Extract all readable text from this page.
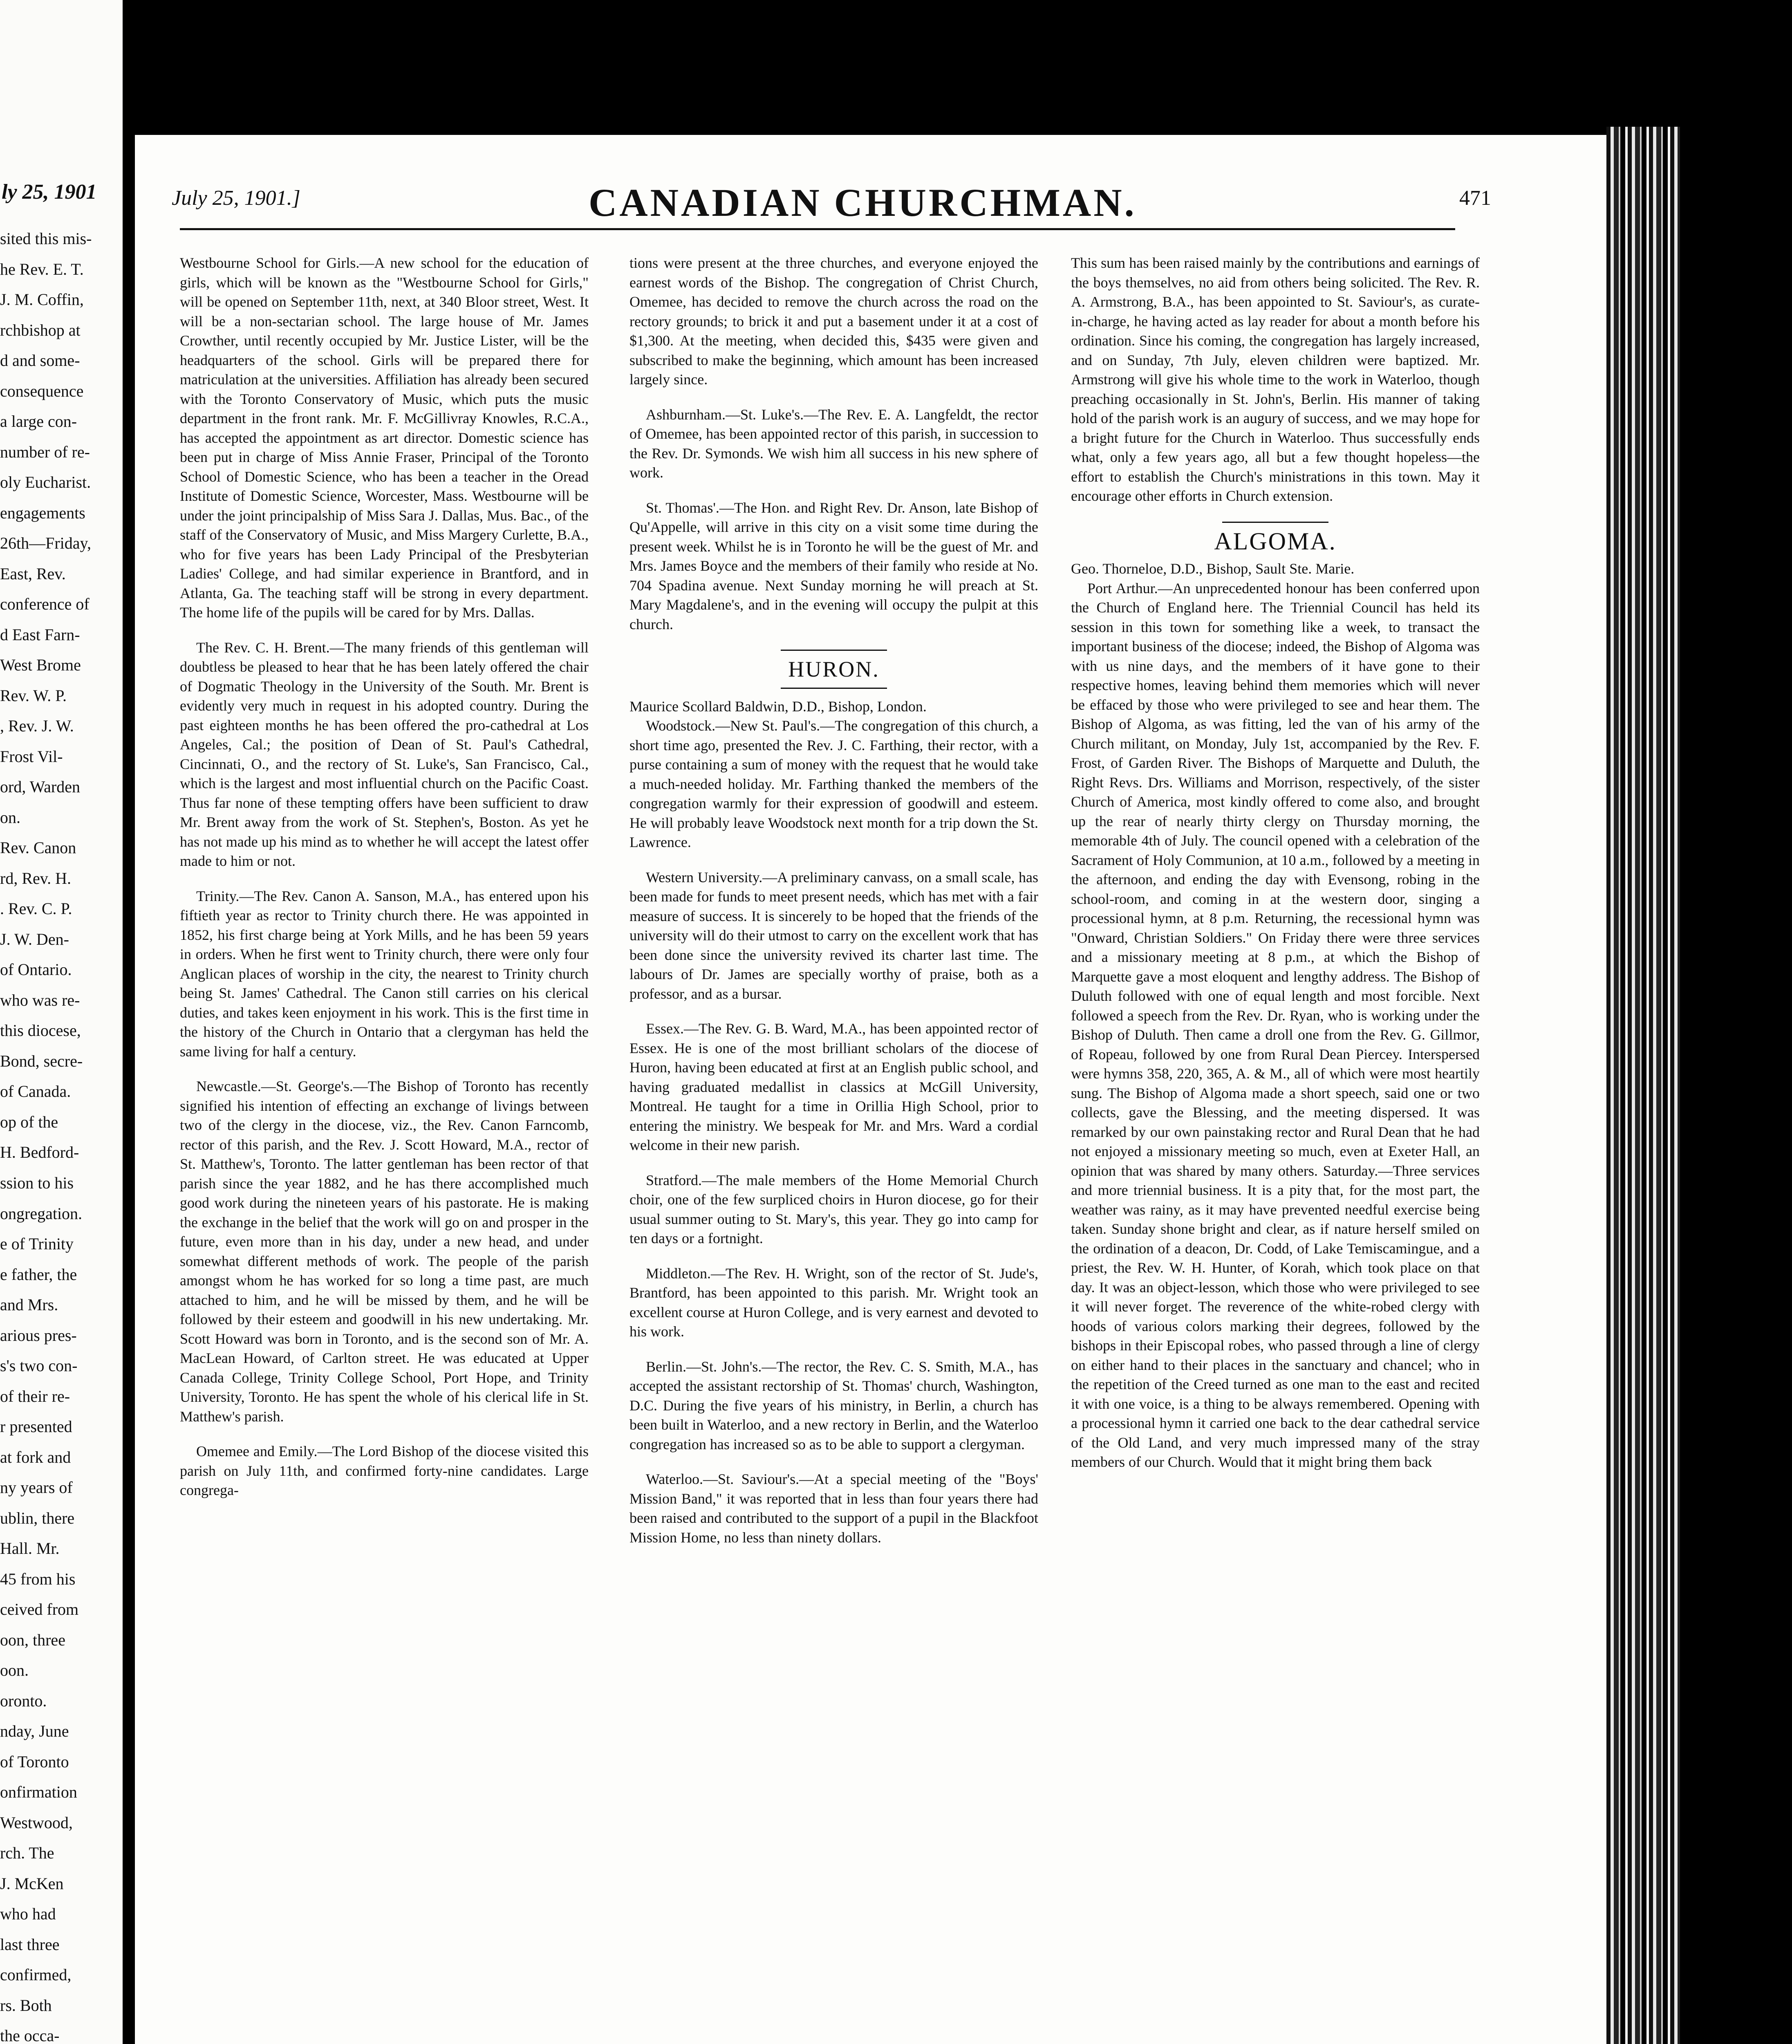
ly 25, 1901
sited this mis-
he Rev. E. T.
J. M. Coffin,
rchbishop at
d and some-
consequence
a large con-
number of re-
oly Eucharist.
engagements
26th—Friday,
East, Rev.
conference of
d East Farn-
West Brome
Rev. W. P.
, Rev. J. W.
Frost Vil-
ord, Warden
on.
Rev. Canon
rd, Rev. H.
. Rev. C. P.
J. W. Den-
of Ontario.
who was re-
this diocese,
Bond, secre-
of Canada.
op of the
H. Bedford-
ssion to his
ongregation.
e of Trinity
e father, the
and Mrs.
arious pres-
s's two con-
of their re-
r presented
at fork and
ny years of
ublin, there
Hall. Mr.
45 from his
ceived from
oon, three
oon.
oronto.
nday, June
of Toronto
onfirmation
Westwood,
rch. The
J. McKen
who had
last three
confirmed,
rs. Both
the occa-
July 25, 1901.]	CANADIAN CHURCHMAN.	471

Westbourne School for Girls.—A new school for the education of girls, which will be known as the "Westbourne School for Girls," will be opened on September 11th, next, at 340 Bloor street, West. It will be a non-sectarian school. The large house of Mr. James Crowther, until recently occupied by Mr. Justice Lister, will be the headquarters of the school. Girls will be prepared there for matriculation at the universities. Affiliation has already been secured with the Toronto Conservatory of Music, which puts the music department in the front rank. Mr. F. McGillivray Knowles, R.C.A., has accepted the appointment as art director. Domestic science has been put in charge of Miss Annie Fraser, Principal of the Toronto School of Domestic Science, who has been a teacher in the Oread Institute of Domestic Science, Worcester, Mass. Westbourne will be under the joint principalship of Miss Sara J. Dallas, Mus. Bac., of the staff of the Conservatory of Music, and Miss Margery Curlette, B.A., who for five years has been Lady Principal of the Presbyterian Ladies' College, and had similar experience in Brantford, and in Atlanta, Ga. The teaching staff will be strong in every department. The home life of the pupils will be cared for by Mrs. Dallas.

The Rev. C. H. Brent.—The many friends of this gentleman will doubtless be pleased to hear that he has been lately offered the chair of Dogmatic Theology in the University of the South. Mr. Brent is evidently very much in request in his adopted country. During the past eighteen months he has been offered the pro-cathedral at Los Angeles, Cal.; the position of Dean of St. Paul's Cathedral, Cincinnati, O., and the rectory of St. Luke's, San Francisco, Cal., which is the largest and most influential church on the Pacific Coast. Thus far none of these tempting offers have been sufficient to draw Mr. Brent away from the work of St. Stephen's, Boston. As yet he has not made up his mind as to whether he will accept the latest offer made to him or not.

Trinity.—The Rev. Canon A. Sanson, M.A., has entered upon his fiftieth year as rector to Trinity church there. He was appointed in 1852, his first charge being at York Mills, and he has been 59 years in orders. When he first went to Trinity church, there were only four Anglican places of worship in the city, the nearest to Trinity church being St. James' Cathedral. The Canon still carries on his clerical duties, and takes keen enjoyment in his work. This is the first time in the history of the Church in Ontario that a clergyman has held the same living for half a century.

Newcastle.—St. George's.—The Bishop of Toronto has recently signified his intention of effecting an exchange of livings between two of the clergy in the diocese, viz., the Rev. Canon Farncomb, rector of this parish, and the Rev. J. Scott Howard, M.A., rector of St. Matthew's, Toronto. The latter gentleman has been rector of that parish since the year 1882, and he has there accomplished much good work during the nineteen years of his pastorate. He is making the exchange in the belief that the work will go on and prosper in the future, even more than in his day, under a new head, and under somewhat different methods of work. The people of the parish amongst whom he has worked for so long a time past, are much attached to him, and he will be missed by them, and he will be followed by their esteem and goodwill in his new undertaking. Mr. Scott Howard was born in Toronto, and is the second son of Mr. A. MacLean Howard, of Carlton street. He was educated at Upper Canada College, Trinity College School, Port Hope, and Trinity University, Toronto. He has spent the whole of his clerical life in St. Matthew's parish.

Omemee and Emily.—The Lord Bishop of the diocese visited this parish on July 11th, and confirmed forty-nine candidates. Large congrega-

tions were present at the three churches, and everyone enjoyed the earnest words of the Bishop. The congregation of Christ Church, Omemee, has decided to remove the church across the road on the rectory grounds; to brick it and put a basement under it at a cost of $1,300. At the meeting, when decided this, $435 were given and subscribed to make the beginning, which amount has been increased largely since.

Ashburnham.—St. Luke's.—The Rev. E. A. Langfeldt, the rector of Omemee, has been appointed rector of this parish, in succession to the Rev. Dr. Symonds. We wish him all success in his new sphere of work.

St. Thomas'.—The Hon. and Right Rev. Dr. Anson, late Bishop of Qu'Appelle, will arrive in this city on a visit some time during the present week. Whilst he is in Toronto he will be the guest of Mr. and Mrs. James Boyce and the members of their family who reside at No. 704 Spadina avenue. Next Sunday morning he will preach at St. Mary Magdalene's, and in the evening will occupy the pulpit at this church.

HURON.

Maurice Scollard Baldwin, D.D., Bishop, London.

Woodstock.—New St. Paul's.—The congregation of this church, a short time ago, presented the Rev. J. C. Farthing, their rector, with a purse containing a sum of money with the request that he would take a much-needed holiday. Mr. Farthing thanked the members of the congregation warmly for their expression of goodwill and esteem. He will probably leave Woodstock next month for a trip down the St. Lawrence.

Western University.—A preliminary canvass, on a small scale, has been made for funds to meet present needs, which has met with a fair measure of success. It is sincerely to be hoped that the friends of the university will do their utmost to carry on the excellent work that has been done since the university revived its charter last time. The labours of Dr. James are specially worthy of praise, both as a professor, and as a bursar.

Essex.—The Rev. G. B. Ward, M.A., has been appointed rector of Essex. He is one of the most brilliant scholars of the diocese of Huron, having been educated at first at an English public school, and having graduated medallist in classics at McGill University, Montreal. He taught for a time in Orillia High School, prior to entering the ministry. We bespeak for Mr. and Mrs. Ward a cordial welcome in their new parish.

Stratford.—The male members of the Home Memorial Church choir, one of the few surpliced choirs in Huron diocese, go for their usual summer outing to St. Mary's, this year. They go into camp for ten days or a fortnight.

Middleton.—The Rev. H. Wright, son of the rector of St. Jude's, Brantford, has been appointed to this parish. Mr. Wright took an excellent course at Huron College, and is very earnest and devoted to his work.

Berlin.—St. John's.—The rector, the Rev. C. S. Smith, M.A., has accepted the assistant rectorship of St. Thomas' church, Washington, D.C. During the five years of his ministry, in Berlin, a church has been built in Waterloo, and a new rectory in Berlin, and the Waterloo congregation has increased so as to be able to support a clergyman.

Waterloo.—St. Saviour's.—At a special meeting of the "Boys' Mission Band," it was reported that in less than four years there had been raised and contributed to the support of a pupil in the Blackfoot Mission Home, no less than ninety dollars.

This sum has been raised mainly by the contributions and earnings of the boys themselves, no aid from others being solicited. The Rev. R. A. Armstrong, B.A., has been appointed to St. Saviour's, as curate-in-charge, he having acted as lay reader for about a month before his ordination. Since his coming, the congregation has largely increased, and on Sunday, 7th July, eleven children were baptized. Mr. Armstrong will give his whole time to the work in Waterloo, though preaching occasionally in St. John's, Berlin. His manner of taking hold of the parish work is an augury of success, and we may hope for a bright future for the Church in Waterloo. Thus successfully ends what, only a few years ago, all but a few thought hopeless—the effort to establish the Church's ministrations in this town. May it encourage other efforts in Church extension.

ALGOMA.

Geo. Thorneloe, D.D., Bishop, Sault Ste. Marie.

Port Arthur.—An unprecedented honour has been conferred upon the Church of England here. The Triennial Council has held its session in this town for something like a week, to transact the important business of the diocese; indeed, the Bishop of Algoma was with us nine days, and the members of it have gone to their respective homes, leaving behind them memories which will never be effaced by those who were privileged to see and hear them. The Bishop of Algoma, as was fitting, led the van of his army of the Church militant, on Monday, July 1st, accompanied by the Rev. F. Frost, of Garden River. The Bishops of Marquette and Duluth, the Right Revs. Drs. Williams and Morrison, respectively, of the sister Church of America, most kindly offered to come also, and brought up the rear of nearly thirty clergy on Thursday morning, the memorable 4th of July. The council opened with a celebration of the Sacrament of Holy Communion, at 10 a.m., followed by a meeting in the afternoon, and ending the day with Evensong, robing in the school-room, and coming in at the western door, singing a processional hymn, at 8 p.m. Returning, the recessional hymn was "Onward, Christian Soldiers." On Friday there were three services and a missionary meeting at 8 p.m., at which the Bishop of Marquette gave a most eloquent and lengthy address. The Bishop of Duluth followed with one of equal length and most forcible. Next followed a speech from the Rev. Dr. Ryan, who is working under the Bishop of Duluth. Then came a droll one from the Rev. G. Gillmor, of Ropeau, followed by one from Rural Dean Piercey. Interspersed were hymns 358, 220, 365, A. & M., all of which were most heartily sung. The Bishop of Algoma made a short speech, said one or two collects, gave the Blessing, and the meeting dispersed. It was remarked by our own painstaking rector and Rural Dean that he had not enjoyed a missionary meeting so much, even at Exeter Hall, an opinion that was shared by many others. Saturday.—Three services and more triennial business. It is a pity that, for the most part, the weather was rainy, as it may have prevented needful exercise being taken. Sunday shone bright and clear, as if nature herself smiled on the ordination of a deacon, Dr. Codd, of Lake Temiscamingue, and a priest, the Rev. W. H. Hunter, of Korah, which took place on that day. It was an object-lesson, which those who were privileged to see it will never forget. The reverence of the white-robed clergy with hoods of various colors marking their degrees, followed by the bishops in their Episcopal robes, who passed through a line of clergy on either hand to their places in the sanctuary and chancel; who in the repetition of the Creed turned as one man to the east and recited it with one voice, is a thing to be always remembered. Opening with a processional hymn it carried one back to the dear cathedral service of the Old Land, and very much impressed many of the stray members of our Church. Would that it might bring them back
